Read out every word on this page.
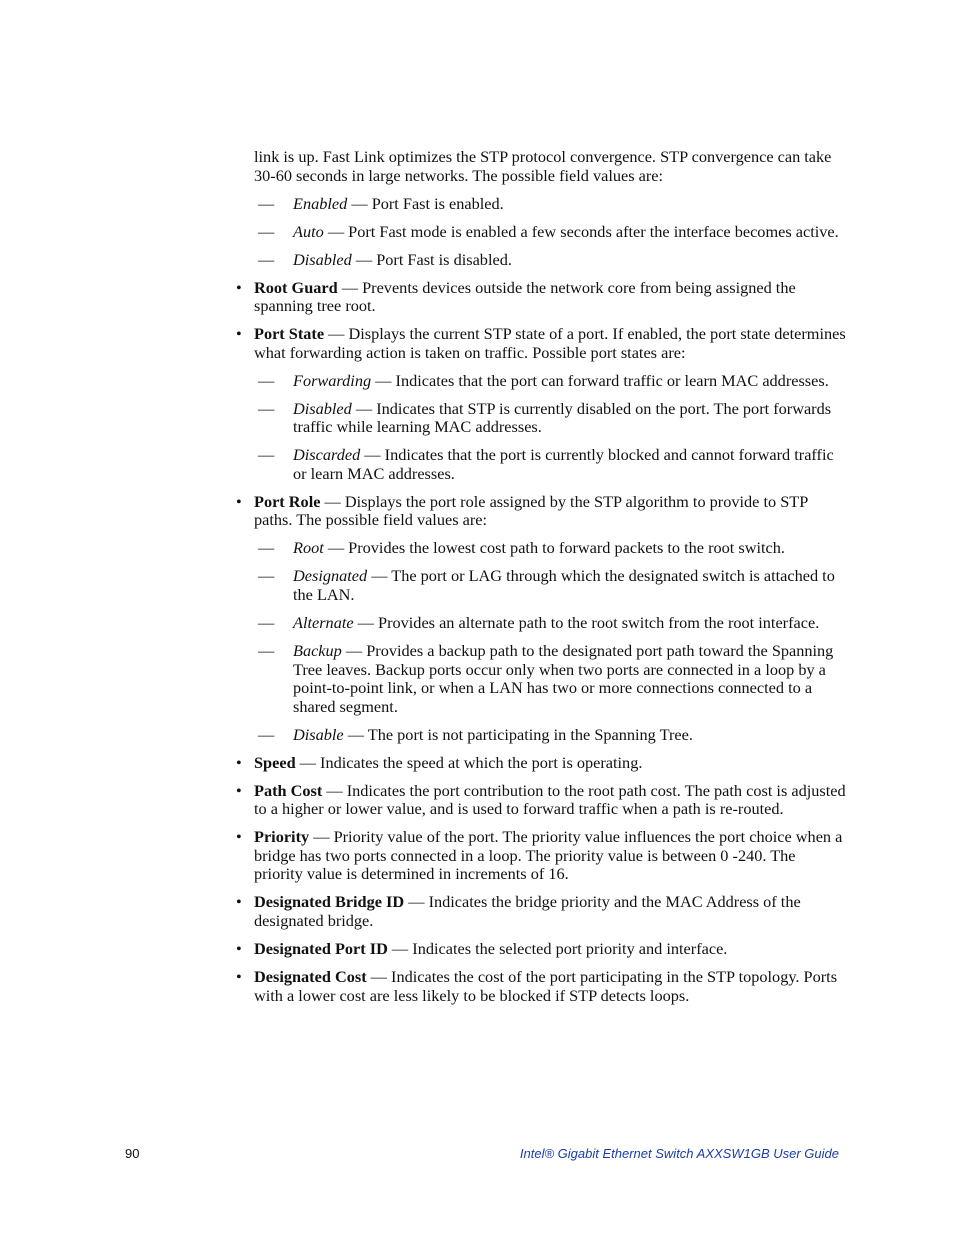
link is up. Fast Link optimizes the STP protocol convergence. STP convergence can take 30-60 seconds in large networks. The possible field values are:

— Enabled — Port Fast is enabled.
— Auto — Port Fast mode is enabled a few seconds after the interface becomes active.
— Disabled — Port Fast is disabled.
• Root Guard — Prevents devices outside the network core from being assigned the spanning tree root.
• Port State — Displays the current STP state of a port. If enabled, the port state determines what forwarding action is taken on traffic. Possible port states are:
— Forwarding — Indicates that the port can forward traffic or learn MAC addresses.
— Disabled — Indicates that STP is currently disabled on the port. The port forwards traffic while learning MAC addresses.
— Discarded — Indicates that the port is currently blocked and cannot forward traffic or learn MAC addresses.
• Port Role — Displays the port role assigned by the STP algorithm to provide to STP paths. The possible field values are:
— Root — Provides the lowest cost path to forward packets to the root switch.
— Designated — The port or LAG through which the designated switch is attached to the LAN.
— Alternate — Provides an alternate path to the root switch from the root interface.
— Backup — Provides a backup path to the designated port path toward the Spanning Tree leaves. Backup ports occur only when two ports are connected in a loop by a point-to-point link, or when a LAN has two or more connections connected to a shared segment.
— Disable — The port is not participating in the Spanning Tree.
• Speed — Indicates the speed at which the port is operating.
• Path Cost — Indicates the port contribution to the root path cost. The path cost is adjusted to a higher or lower value, and is used to forward traffic when a path is re-routed.
• Priority — Priority value of the port. The priority value influences the port choice when a bridge has two ports connected in a loop. The priority value is between 0 -240. The priority value is determined in increments of 16.
• Designated Bridge ID — Indicates the bridge priority and the MAC Address of the designated bridge.
• Designated Port ID — Indicates the selected port priority and interface.
• Designated Cost — Indicates the cost of the port participating in the STP topology. Ports with a lower cost are less likely to be blocked if STP detects loops.
90	Intel® Gigabit Ethernet Switch AXXSW1GB User Guide
